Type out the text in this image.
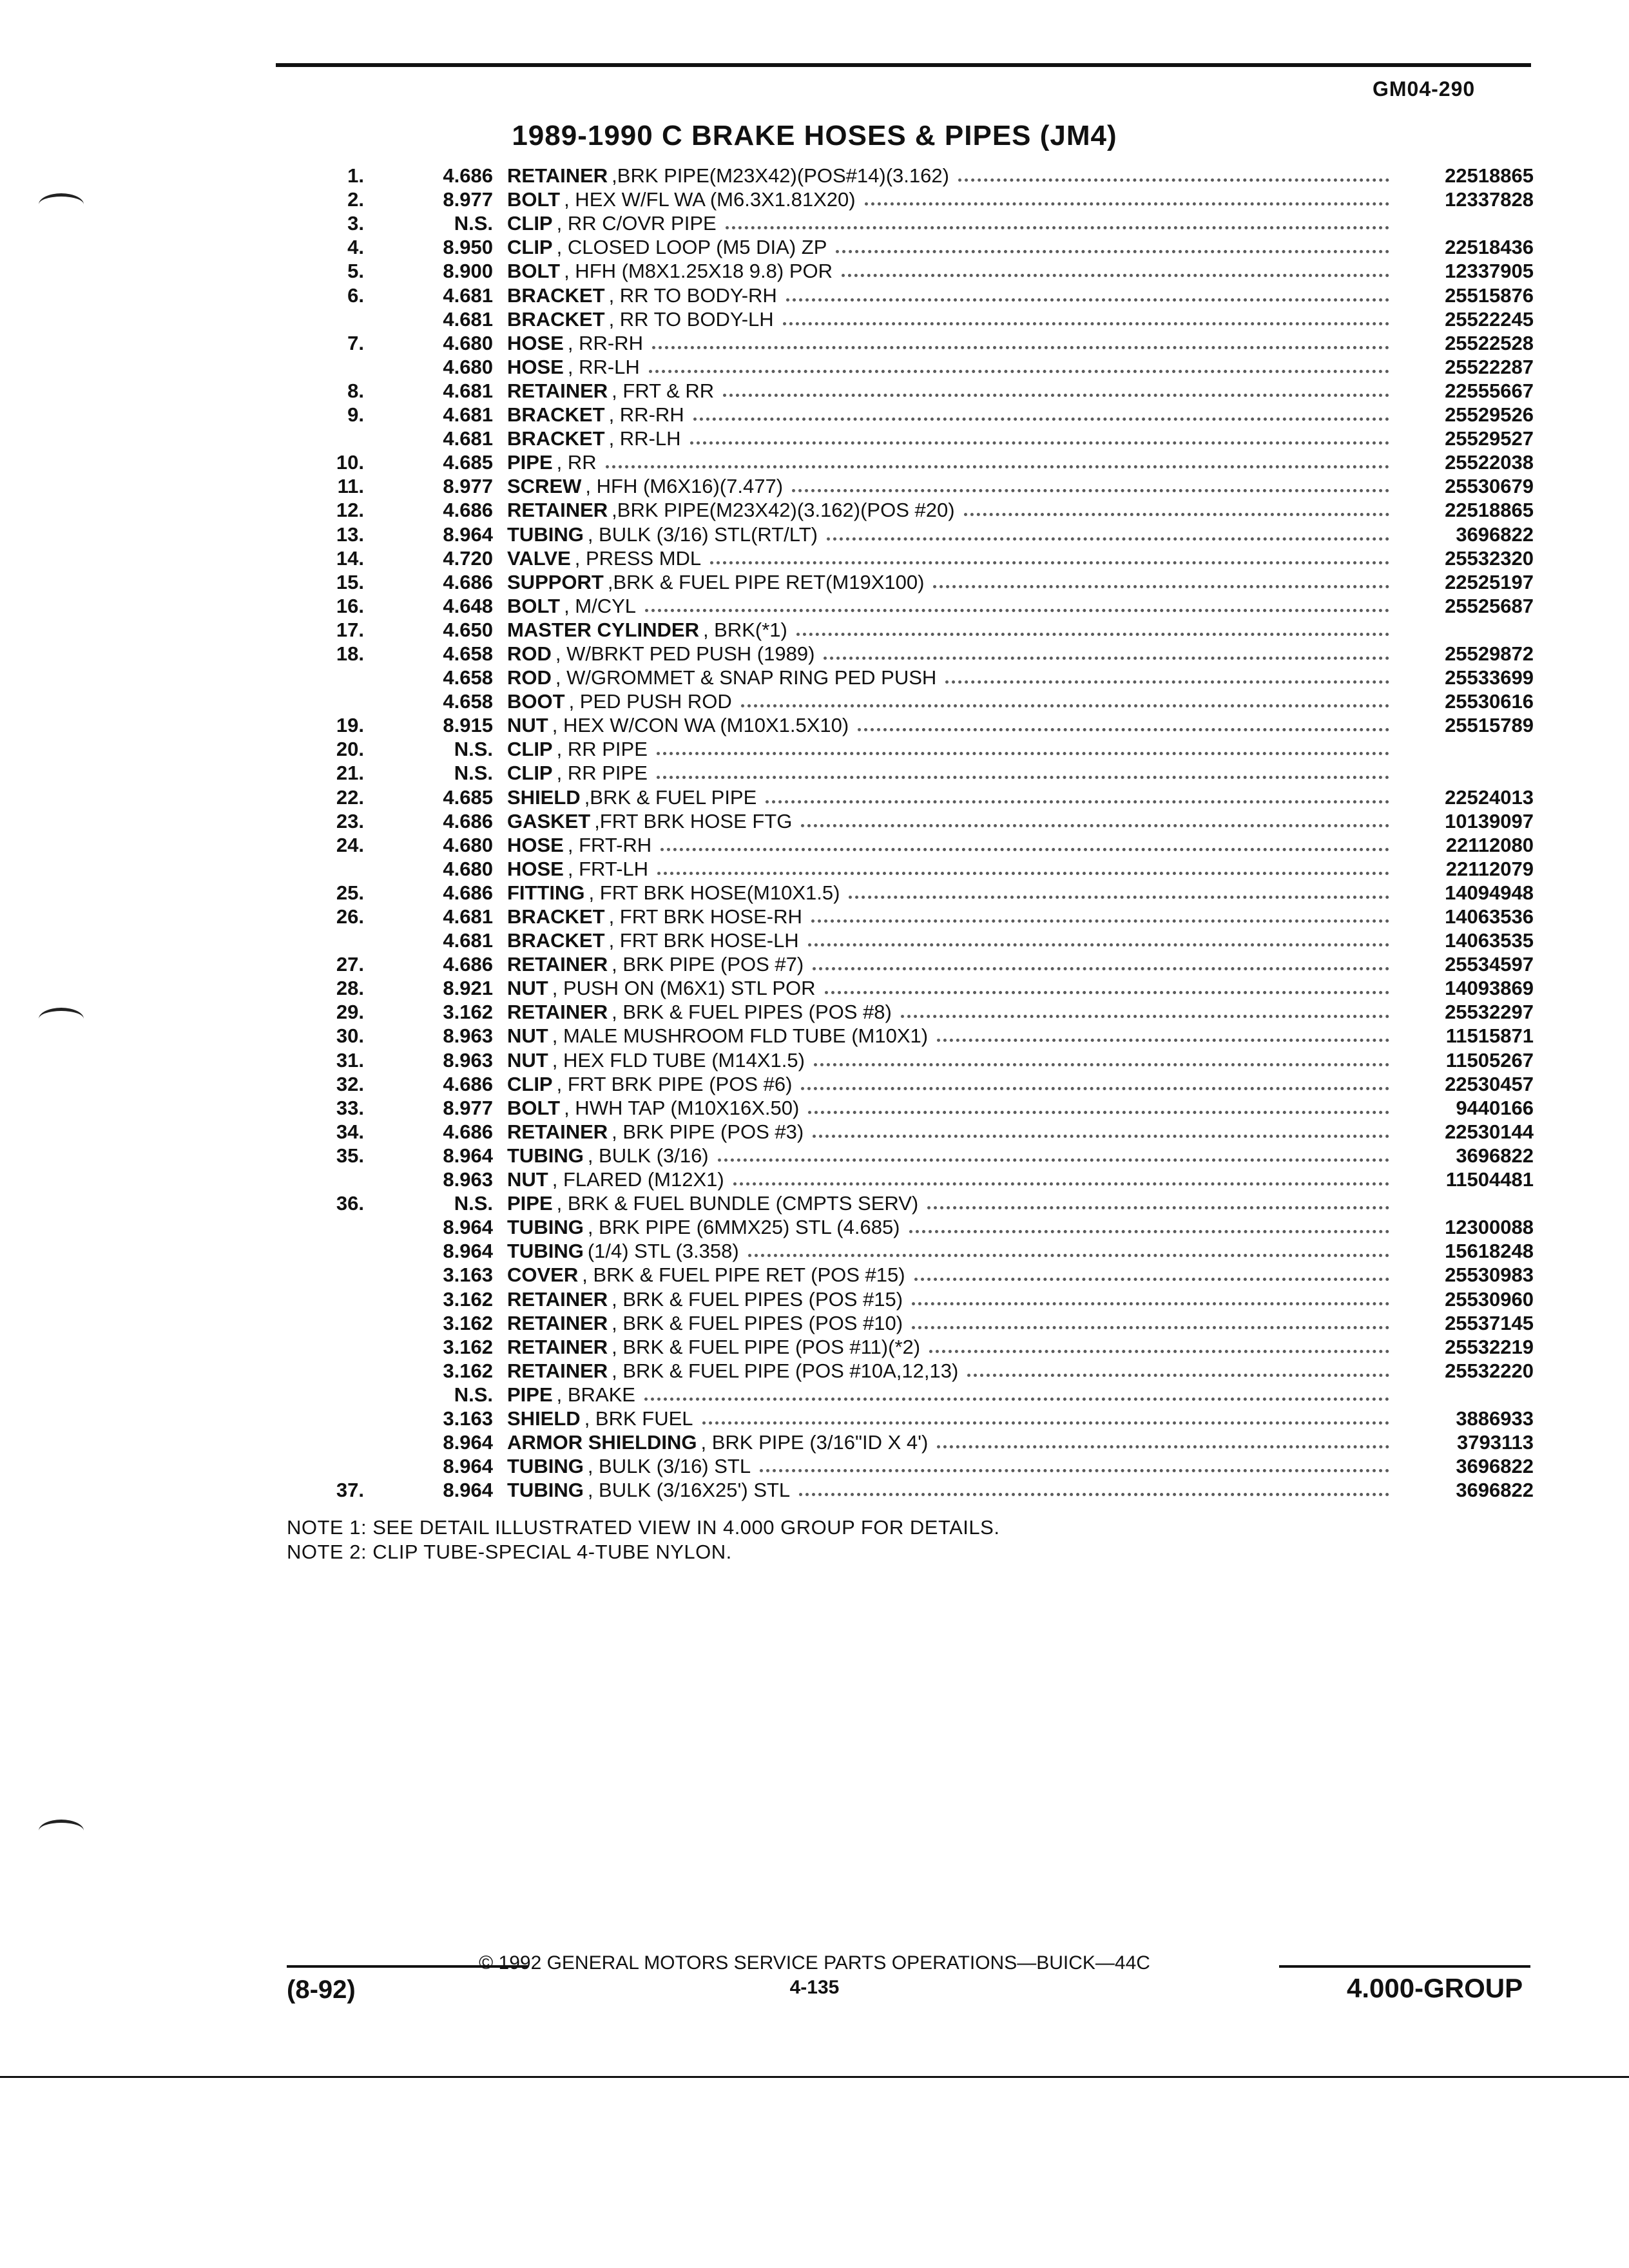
GM04-290
1989-1990 C BRAKE HOSES & PIPES (JM4)
1.	4.686 RETAINER ,BRK PIPE(M23X42)(POS#14)(3.162)	22518865
2.	8.977 BOLT , HEX W/FL WA (M6.3X1.81X20)	12337828
3.	N.S. CLIP , RR C/OVR PIPE
4.	8.950 CLIP , CLOSED LOOP (M5 DIA) ZP	22518436
5.	8.900 BOLT , HFH (M8X1.25X18 9.8) POR	12337905
6.	4.681 BRACKET , RR TO BODY-RH	25515876
4.681 BRACKET , RR TO BODY-LH	25522245
7.	4.680 HOSE , RR-RH	25522528
4.680 HOSE , RR-LH	25522287
8.	4.681 RETAINER , FRT & RR	22555667
9.	4.681 BRACKET , RR-RH	25529526
4.681 BRACKET , RR-LH	25529527
10.	4.685 PIPE , RR	25522038
11.	8.977 SCREW , HFH (M6X16)(7.477)	25530679
12.	4.686 RETAINER ,BRK PIPE(M23X42)(3.162)(POS #20)	22518865
13.	8.964 TUBING , BULK (3/16) STL(RT/LT)	3696822
14.	4.720 VALVE , PRESS MDL	25532320
15.	4.686 SUPPORT ,BRK & FUEL PIPE RET(M19X100)	22525197
16.	4.648 BOLT , M/CYL	25525687
17.	4.650 MASTER CYLINDER , BRK(*1)
18.	4.658 ROD , W/BRKT PED PUSH (1989)	25529872
4.658 ROD , W/GROMMET & SNAP RING PED PUSH	25533699
4.658 BOOT , PED PUSH ROD	25530616
19.	8.915 NUT , HEX W/CON WA (M10X1.5X10)	25515789
20.	N.S. CLIP , RR PIPE
21.	N.S. CLIP , RR PIPE
22.	4.685 SHIELD ,BRK & FUEL PIPE	22524013
23.	4.686 GASKET ,FRT BRK HOSE FTG	10139097
24.	4.680 HOSE , FRT-RH	22112080
4.680 HOSE , FRT-LH	22112079
25.	4.686 FITTING , FRT BRK HOSE(M10X1.5)	14094948
26.	4.681 BRACKET , FRT BRK HOSE-RH	14063536
4.681 BRACKET , FRT BRK HOSE-LH	14063535
27.	4.686 RETAINER , BRK PIPE (POS #7)	25534597
28.	8.921 NUT , PUSH ON (M6X1) STL POR	14093869
29.	3.162 RETAINER , BRK & FUEL PIPES (POS #8)	25532297
30.	8.963 NUT , MALE MUSHROOM FLD TUBE (M10X1)	11515871
31.	8.963 NUT , HEX FLD TUBE (M14X1.5)	11505267
32.	4.686 CLIP , FRT BRK PIPE (POS #6)	22530457
33.	8.977 BOLT , HWH TAP (M10X16X.50)	9440166
34.	4.686 RETAINER , BRK PIPE (POS #3)	22530144
35.	8.964 TUBING , BULK (3/16)	3696822
8.963 NUT , FLARED (M12X1)	11504481
36.	N.S. PIPE , BRK & FUEL BUNDLE (CMPTS SERV)
8.964 TUBING , BRK PIPE (6MMX25) STL (4.685)	12300088
8.964 TUBING (1/4) STL (3.358)	15618248
3.163 COVER , BRK & FUEL PIPE RET (POS #15)	25530983
3.162 RETAINER , BRK & FUEL PIPES (POS #15)	25530960
3.162 RETAINER , BRK & FUEL PIPES (POS #10)	25537145
3.162 RETAINER , BRK & FUEL PIPE (POS #11)(*2)	25532219
3.162 RETAINER , BRK & FUEL PIPE (POS #10A,12,13)	25532220
N.S. PIPE , BRAKE
3.163 SHIELD , BRK FUEL	3886933
8.964 ARMOR SHIELDING , BRK PIPE (3/16"ID X 4')	3793113
8.964 TUBING , BULK (3/16) STL	3696822
37.	8.964 TUBING , BULK (3/16X25') STL	3696822
NOTE 1: SEE DETAIL ILLUSTRATED VIEW IN 4.000 GROUP FOR DETAILS.
NOTE 2: CLIP TUBE-SPECIAL 4-TUBE NYLON.
© 1992 GENERAL MOTORS SERVICE PARTS OPERATIONS—BUICK—44C
4-135
(8-92)	4.000-GROUP
